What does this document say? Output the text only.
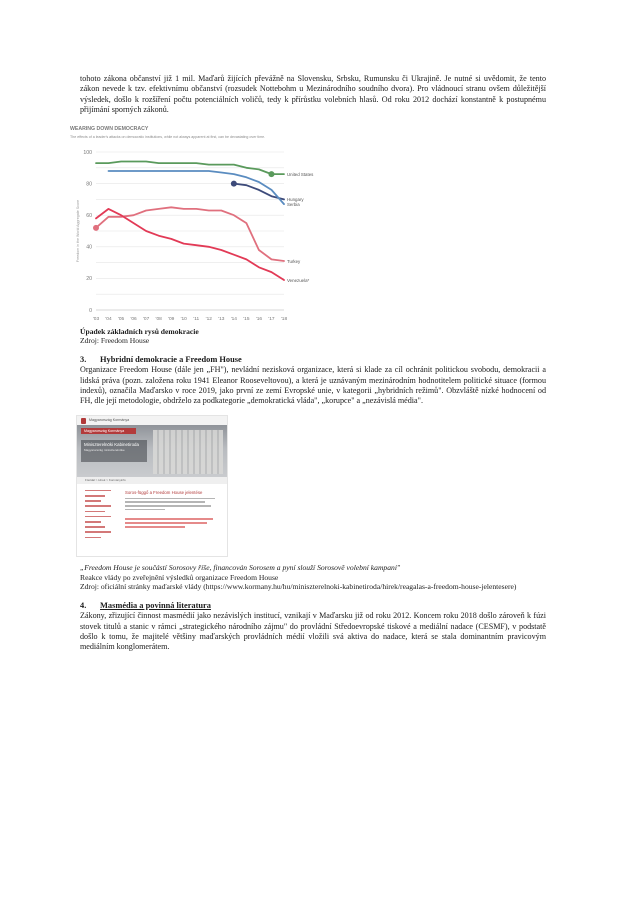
tohoto zákona občanství již 1 mil. Maďarů žijících převážně na Slovensku, Srbsku, Rumunsku či Ukrajině. Je nutné si uvědomit, že tento zákon nevede k tzv. efektivnímu občanství (rozsudek Nottebohm u Mezinárodního soudního dvora). Pro vládnoucí stranu ovšem důležitější výsledek, došlo k rozšíření počtu potenciálních voličů, tedy k přírůstku volebních hlasů. Od roku 2012 dochází konstantně k postupnému přijímání sporných zákonů.

WEARING DOWN DEMOCRACY
The effects of a leader's attacks on democratic institutions, while not always apparent at first, can be devastating over time.
0
20
40
60
80
100
'03 '04 '05 '06 '07 '08 '09 '10 '11 '12 '13 '14 '15 '16 '17 '18
Freedom in the World Aggregate Score
United States
Hungary
Serbia
Turkey
Venezuela*
Úpadek základních rysů demokracie
Zdroj: Freedom House
3. Hybridní demokracie a Freedom House

Organizace Freedom House (dále jen „FH"), nevládní nezisková organizace, která si klade za cíl ochránit politickou svobodu, demokracii a lidská práva (pozn. založena roku 1941 Eleanor Rooseveltovou), a která je uznávaným mezinárodním hodnotitelem politické situace (formou indexů), označila Maďarsko v roce 2019, jako první ze zemí Evropské unie, v kategorii „hybridních režimů". Obzvláště nízké hodnocení od FH, dle její metodologie, obdrželo za podkategorie „demokratická vláda", „korupce" a „nezávislá média".

Magyarország Kormánya
Magyarország Kormánya
Miniszterelnöki Kabinetiroda
Magyarország miniszterelnöke
Főoldal > Hírek > Kormányinfó
Soros-függő a Freedom House jelentése
„Freedom House je součástí Sorosovy říše, financován Sorosem a pyní slouží Sorosově volební kampani"
Reakce vlády po zveřejnění výsledků organizace Freedom House
Zdroj: oficiální stránky maďarské vlády (https://www.kormany.hu/hu/miniszterelnoki-kabinetiroda/hirek/reagalas-a-freedom-house-jelentesere)
4. Masmédia a povinná literatura

Zákony, zřizující činnost masmédií jako nezávislých institucí, vznikají v Maďarsku již od roku 2012. Koncem roku 2018 došlo zároveň k fúzi stovek titulů a stanic v rámci „strategického národního zájmu" do provládní Středoevropské tiskové a mediální nadace (CESMF), v podstatě došlo k tomu, že majitelé většiny maďarských provládních médií vložili svá aktiva do nadace, která se stala dominantním pravicovým mediálním konglomerátem.
